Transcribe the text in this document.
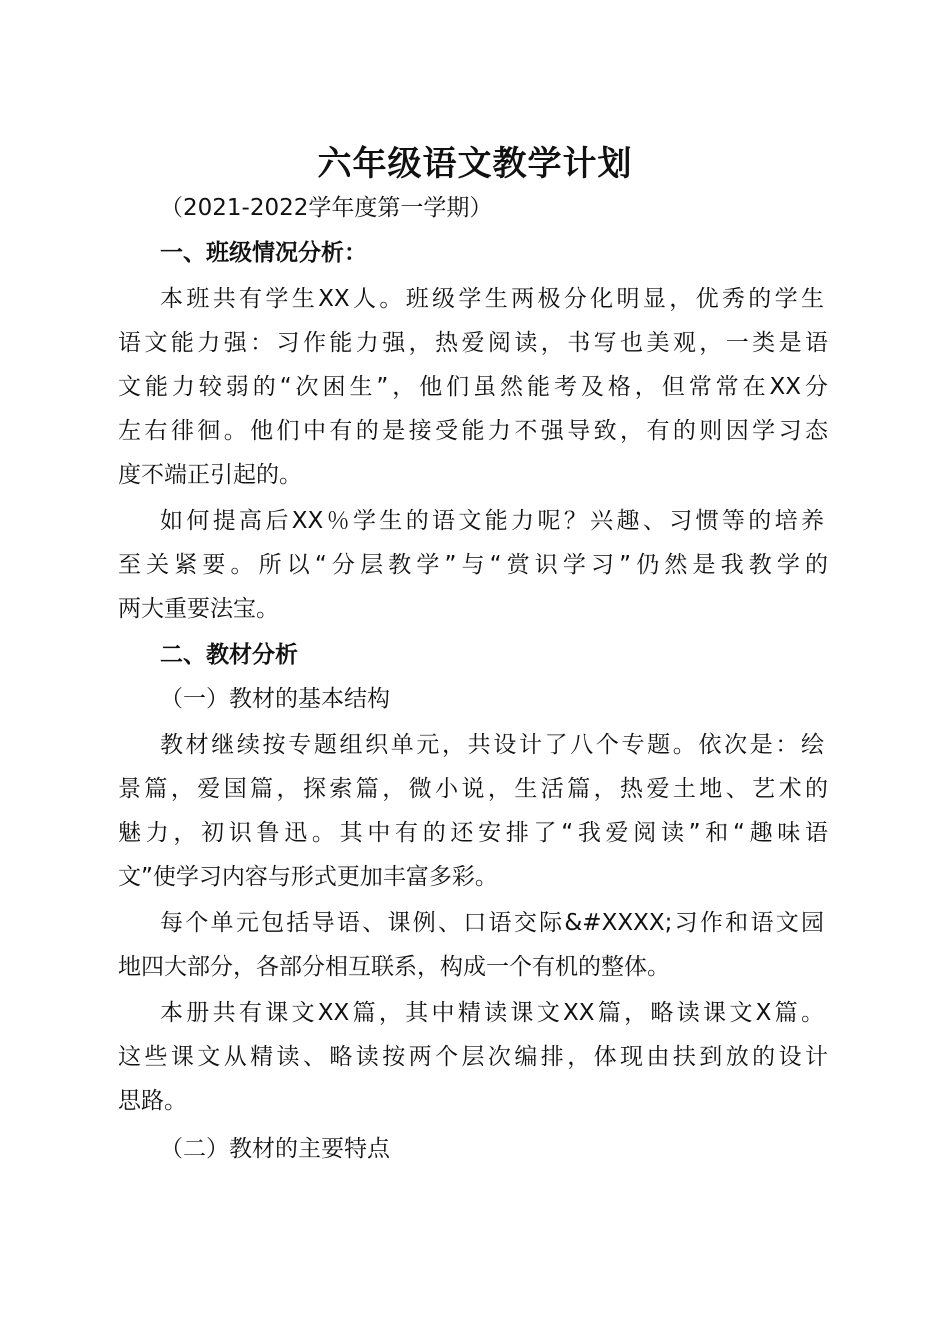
六年级语文教学计划
（2021-2022学年度第一学期）
一、班级情况分析：
本班共有学生XX人。班级学生两极分化明显，优秀的学生
语文能力强：习作能力强，热爱阅读，书写也美观，一类是语
文能力较弱的“次困生”，他们虽然能考及格，但常常在XX分
左右徘徊。他们中有的是接受能力不强导致，有的则因学习态
度不端正引起的。
如何提高后XX％学生的语文能力呢？兴趣、习惯等的培养
至关紧要。所以“分层教学”与“赏识学习”仍然是我教学的
两大重要法宝。
二、教材分析
（一）教材的基本结构
教材继续按专题组织单元，共设计了八个专题。依次是：绘
景篇，爱国篇，探索篇，微小说，生活篇，热爱土地、艺术的
魅力，初识鲁迅。其中有的还安排了“我爱阅读”和“趣味语
文”使学习内容与形式更加丰富多彩。
每个单元包括导语、课例、口语交际&#XXXX;习作和语文园
地四大部分，各部分相互联系，构成一个有机的整体。
本册共有课文XX篇，其中精读课文XX篇，略读课文X篇。
这些课文从精读、略读按两个层次编排，体现由扶到放的设计
思路。
（二）教材的主要特点
